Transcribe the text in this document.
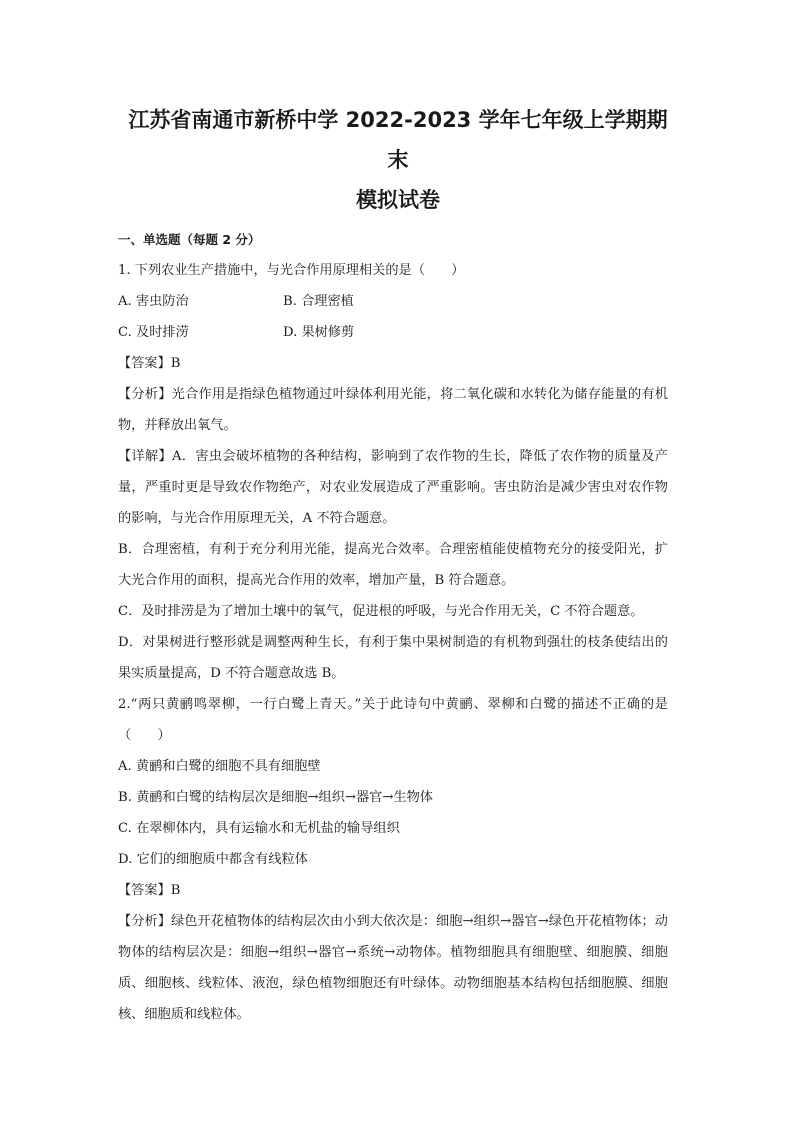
江苏省南通市新桥中学 2022-2023 学年七年级上学期期末
模拟试卷
一、单选题（每题 2 分）
1. 下列农业生产措施中，与光合作用原理相关的是（　　）
A. 害虫防治	B. 合理密植
C. 及时排涝	D. 果树修剪
【答案】B
【分析】光合作用是指绿色植物通过叶绿体利用光能，将二氧化碳和水转化为储存能量的有机物，并释放出氧气。
【详解】A．害虫会破坏植物的各种结构，影响到了农作物的生长，降低了农作物的质量及产量，严重时更是导致农作物绝产，对农业发展造成了严重影响。害虫防治是减少害虫对农作物的影响，与光合作用原理无关，A 不符合题意。
B．合理密植，有利于充分利用光能，提高光合效率。合理密植能使植物充分的接受阳光，扩大光合作用的面积，提高光合作用的效率，增加产量，B 符合题意。
C．及时排涝是为了增加土壤中的氧气，促进根的呼吸，与光合作用无关，C 不符合题意。
D．对果树进行整形就是调整两种生长，有利于集中果树制造的有机物到强壮的枝条使结出的果实质量提高，D 不符合题意故选 B。
2.“两只黄鹂鸣翠柳，一行白鹭上青天。”关于此诗句中黄鹂、翠柳和白鹭的描述不正确的是（　　）
A. 黄鹂和白鹭的细胞不具有细胞壁
B. 黄鹂和白鹭的结构层次是细胞→组织→器官→生物体
C. 在翠柳体内，具有运输水和无机盐的输导组织
D. 它们的细胞质中都含有线粒体
【答案】B
【分析】绿色开花植物体的结构层次由小到大依次是：细胞→组织→器官→绿色开花植物体；动物体的结构层次是：细胞→组织→器官→系统→动物体。植物细胞具有细胞壁、细胞膜、细胞质、细胞核、线粒体、液泡，绿色植物细胞还有叶绿体。动物细胞基本结构包括细胞膜、细胞核、细胞质和线粒体。
